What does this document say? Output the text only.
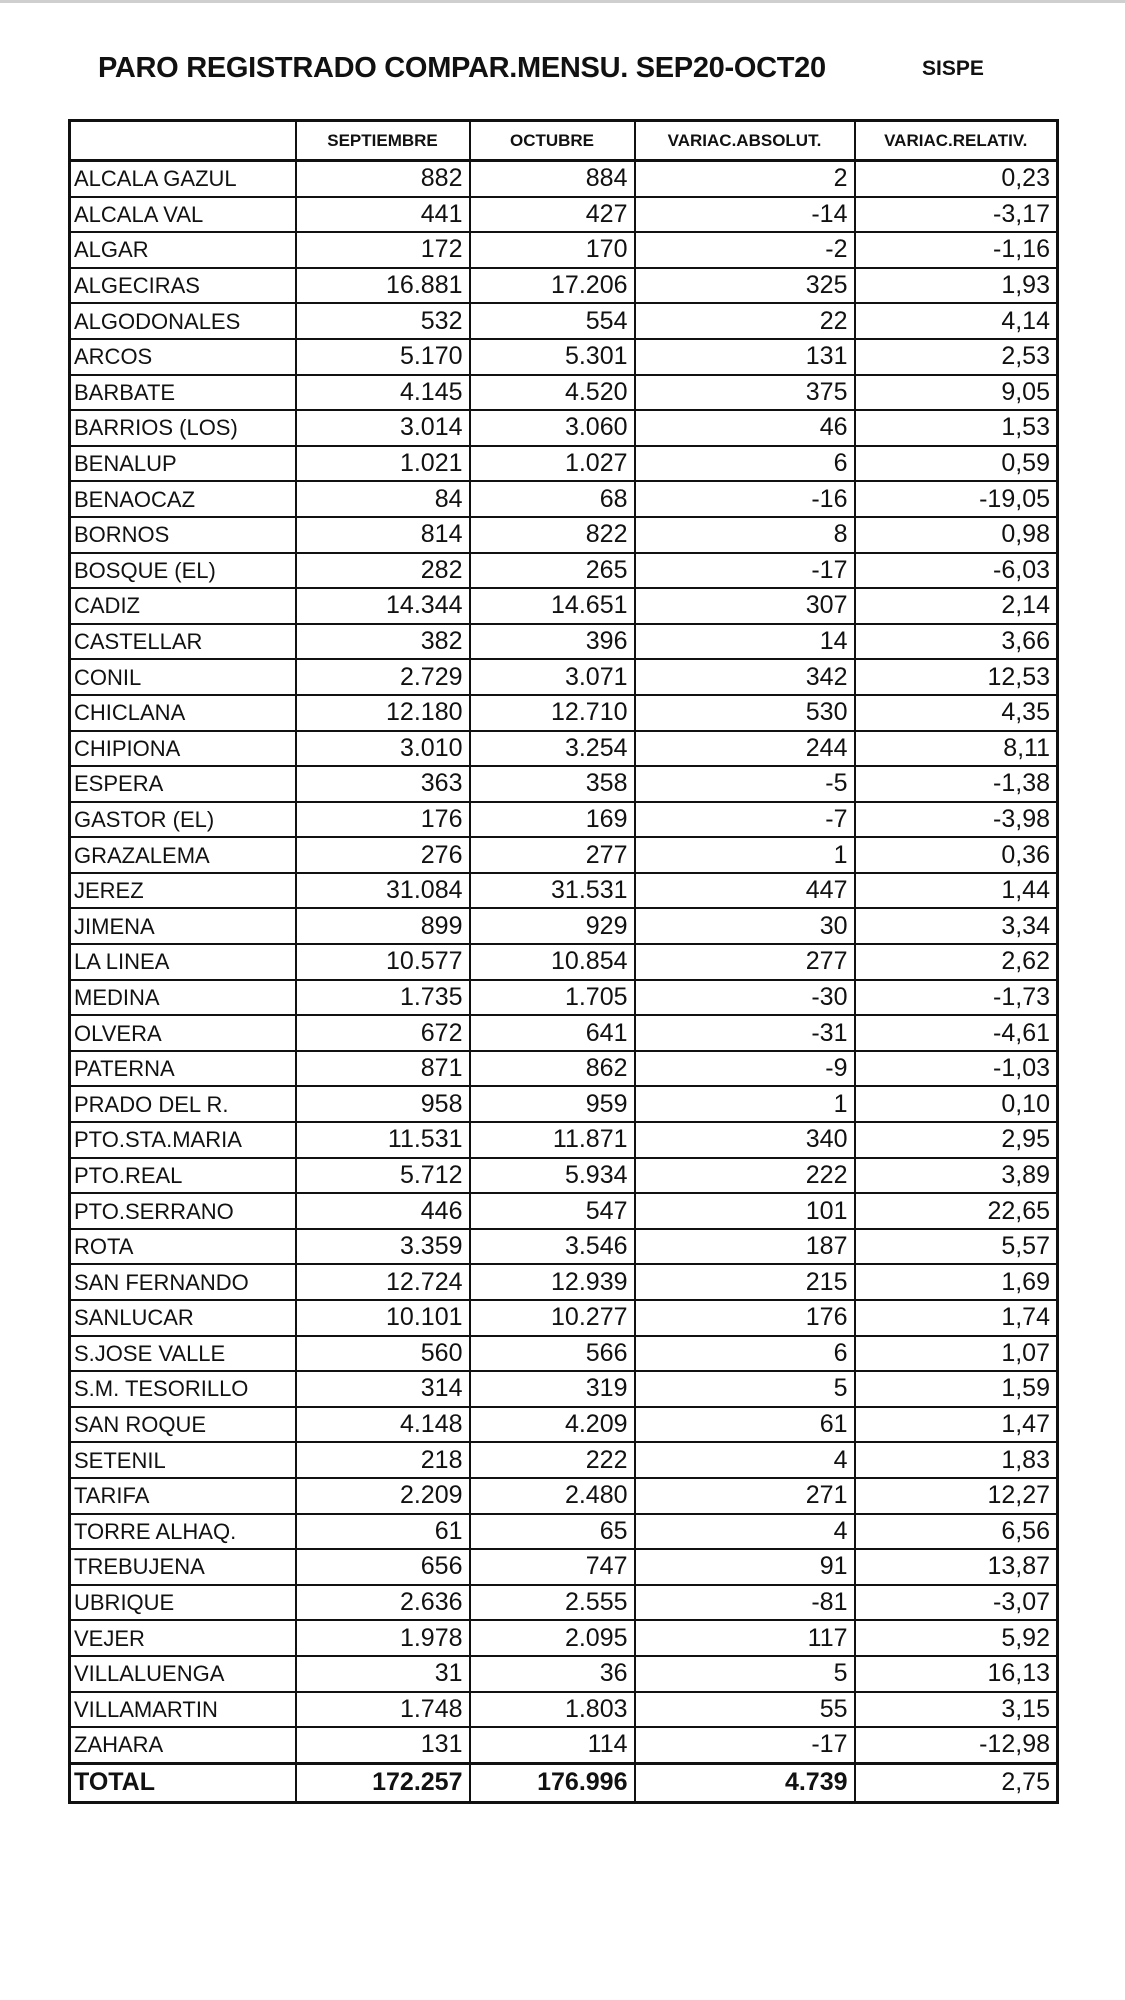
PARO REGISTRADO COMPAR.MENSU. SEP20-OCT20	SISPE
	SEPTIEMBRE	OCTUBRE	VARIAC.ABSOLUT.	VARIAC.RELATIV.
ALCALA GAZUL	882	884	2	0,23
ALCALA VAL	441	427	-14	-3,17
ALGAR	172	170	-2	-1,16
ALGECIRAS	16.881	17.206	325	1,93
ALGODONALES	532	554	22	4,14
ARCOS	5.170	5.301	131	2,53
BARBATE	4.145	4.520	375	9,05
BARRIOS (LOS)	3.014	3.060	46	1,53
BENALUP	1.021	1.027	6	0,59
BENAOCAZ	84	68	-16	-19,05
BORNOS	814	822	8	0,98
BOSQUE (EL)	282	265	-17	-6,03
CADIZ	14.344	14.651	307	2,14
CASTELLAR	382	396	14	3,66
CONIL	2.729	3.071	342	12,53
CHICLANA	12.180	12.710	530	4,35
CHIPIONA	3.010	3.254	244	8,11
ESPERA	363	358	-5	-1,38
GASTOR (EL)	176	169	-7	-3,98
GRAZALEMA	276	277	1	0,36
JEREZ	31.084	31.531	447	1,44
JIMENA	899	929	30	3,34
LA LINEA	10.577	10.854	277	2,62
MEDINA	1.735	1.705	-30	-1,73
OLVERA	672	641	-31	-4,61
PATERNA	871	862	-9	-1,03
PRADO DEL R.	958	959	1	0,10
PTO.STA.MARIA	11.531	11.871	340	2,95
PTO.REAL	5.712	5.934	222	3,89
PTO.SERRANO	446	547	101	22,65
ROTA	3.359	3.546	187	5,57
SAN FERNANDO	12.724	12.939	215	1,69
SANLUCAR	10.101	10.277	176	1,74
S.JOSE VALLE	560	566	6	1,07
S.M. TESORILLO	314	319	5	1,59
SAN ROQUE	4.148	4.209	61	1,47
SETENIL	218	222	4	1,83
TARIFA	2.209	2.480	271	12,27
TORRE ALHAQ.	61	65	4	6,56
TREBUJENA	656	747	91	13,87
UBRIQUE	2.636	2.555	-81	-3,07
VEJER	1.978	2.095	117	5,92
VILLALUENGA	31	36	5	16,13
VILLAMARTIN	1.748	1.803	55	3,15
ZAHARA	131	114	-17	-12,98
TOTAL	172.257	176.996	4.739	2,75
